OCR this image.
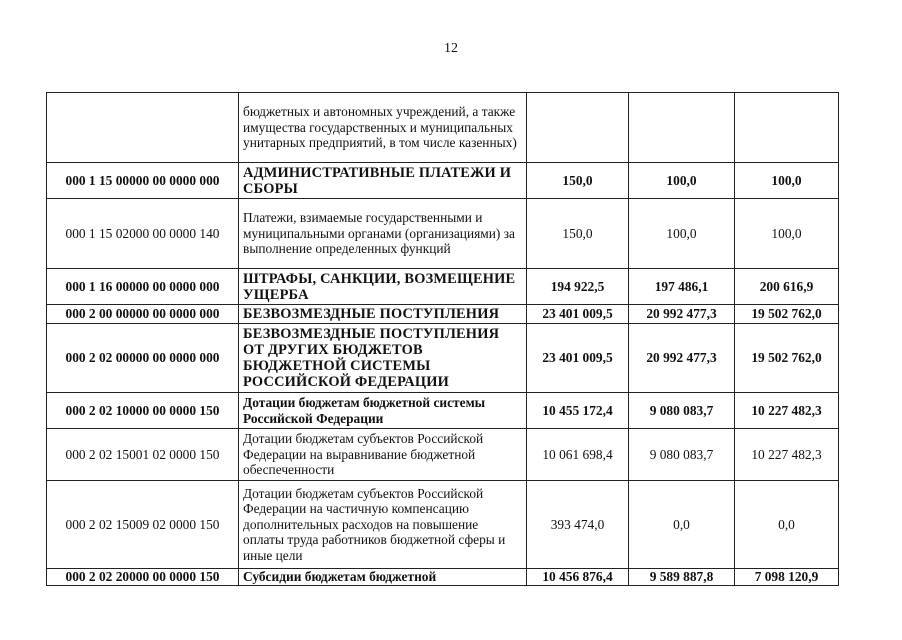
12
	бюджетных и автономных учреждений, а также имущества государственных и муниципальных унитарных предприятий, в том числе казенных)			
000 1 15 00000 00 0000 000	АДМИНИСТРАТИВНЫЕ ПЛАТЕЖИ И СБОРЫ	150,0	100,0	100,0
000 1 15 02000 00 0000 140	Платежи, взимаемые государственными и муниципальными органами (организациями) за выполнение определенных функций	150,0	100,0	100,0
000 1 16 00000 00 0000 000	ШТРАФЫ, САНКЦИИ, ВОЗМЕЩЕНИЕ УЩЕРБА	194 922,5	197 486,1	200 616,9
000 2 00 00000 00 0000 000	БЕЗВОЗМЕЗДНЫЕ ПОСТУПЛЕНИЯ	23 401 009,5	20 992 477,3	19 502 762,0
000 2 02 00000 00 0000 000	БЕЗВОЗМЕЗДНЫЕ ПОСТУПЛЕНИЯ ОТ ДРУГИХ БЮДЖЕТОВ БЮДЖЕТНОЙ СИСТЕМЫ РОССИЙСКОЙ ФЕДЕРАЦИИ	23 401 009,5	20 992 477,3	19 502 762,0
000 2 02 10000 00 0000 150	Дотации бюджетам бюджетной системы Российской Федерации	10 455 172,4	9 080 083,7	10 227 482,3
000 2 02 15001 02 0000 150	Дотации бюджетам субъектов Российской Федерации на выравнивание бюджетной обеспеченности	10 061 698,4	9 080 083,7	10 227 482,3
000 2 02 15009 02 0000 150	Дотации бюджетам субъектов Российской Федерации на частичную компенсацию дополнительных расходов на повышение оплаты труда работников бюджетной сферы и иные цели	393 474,0	0,0	0,0
000 2 02 20000 00 0000 150	Субсидии бюджетам бюджетной	10 456 876,4	9 589 887,8	7 098 120,9
